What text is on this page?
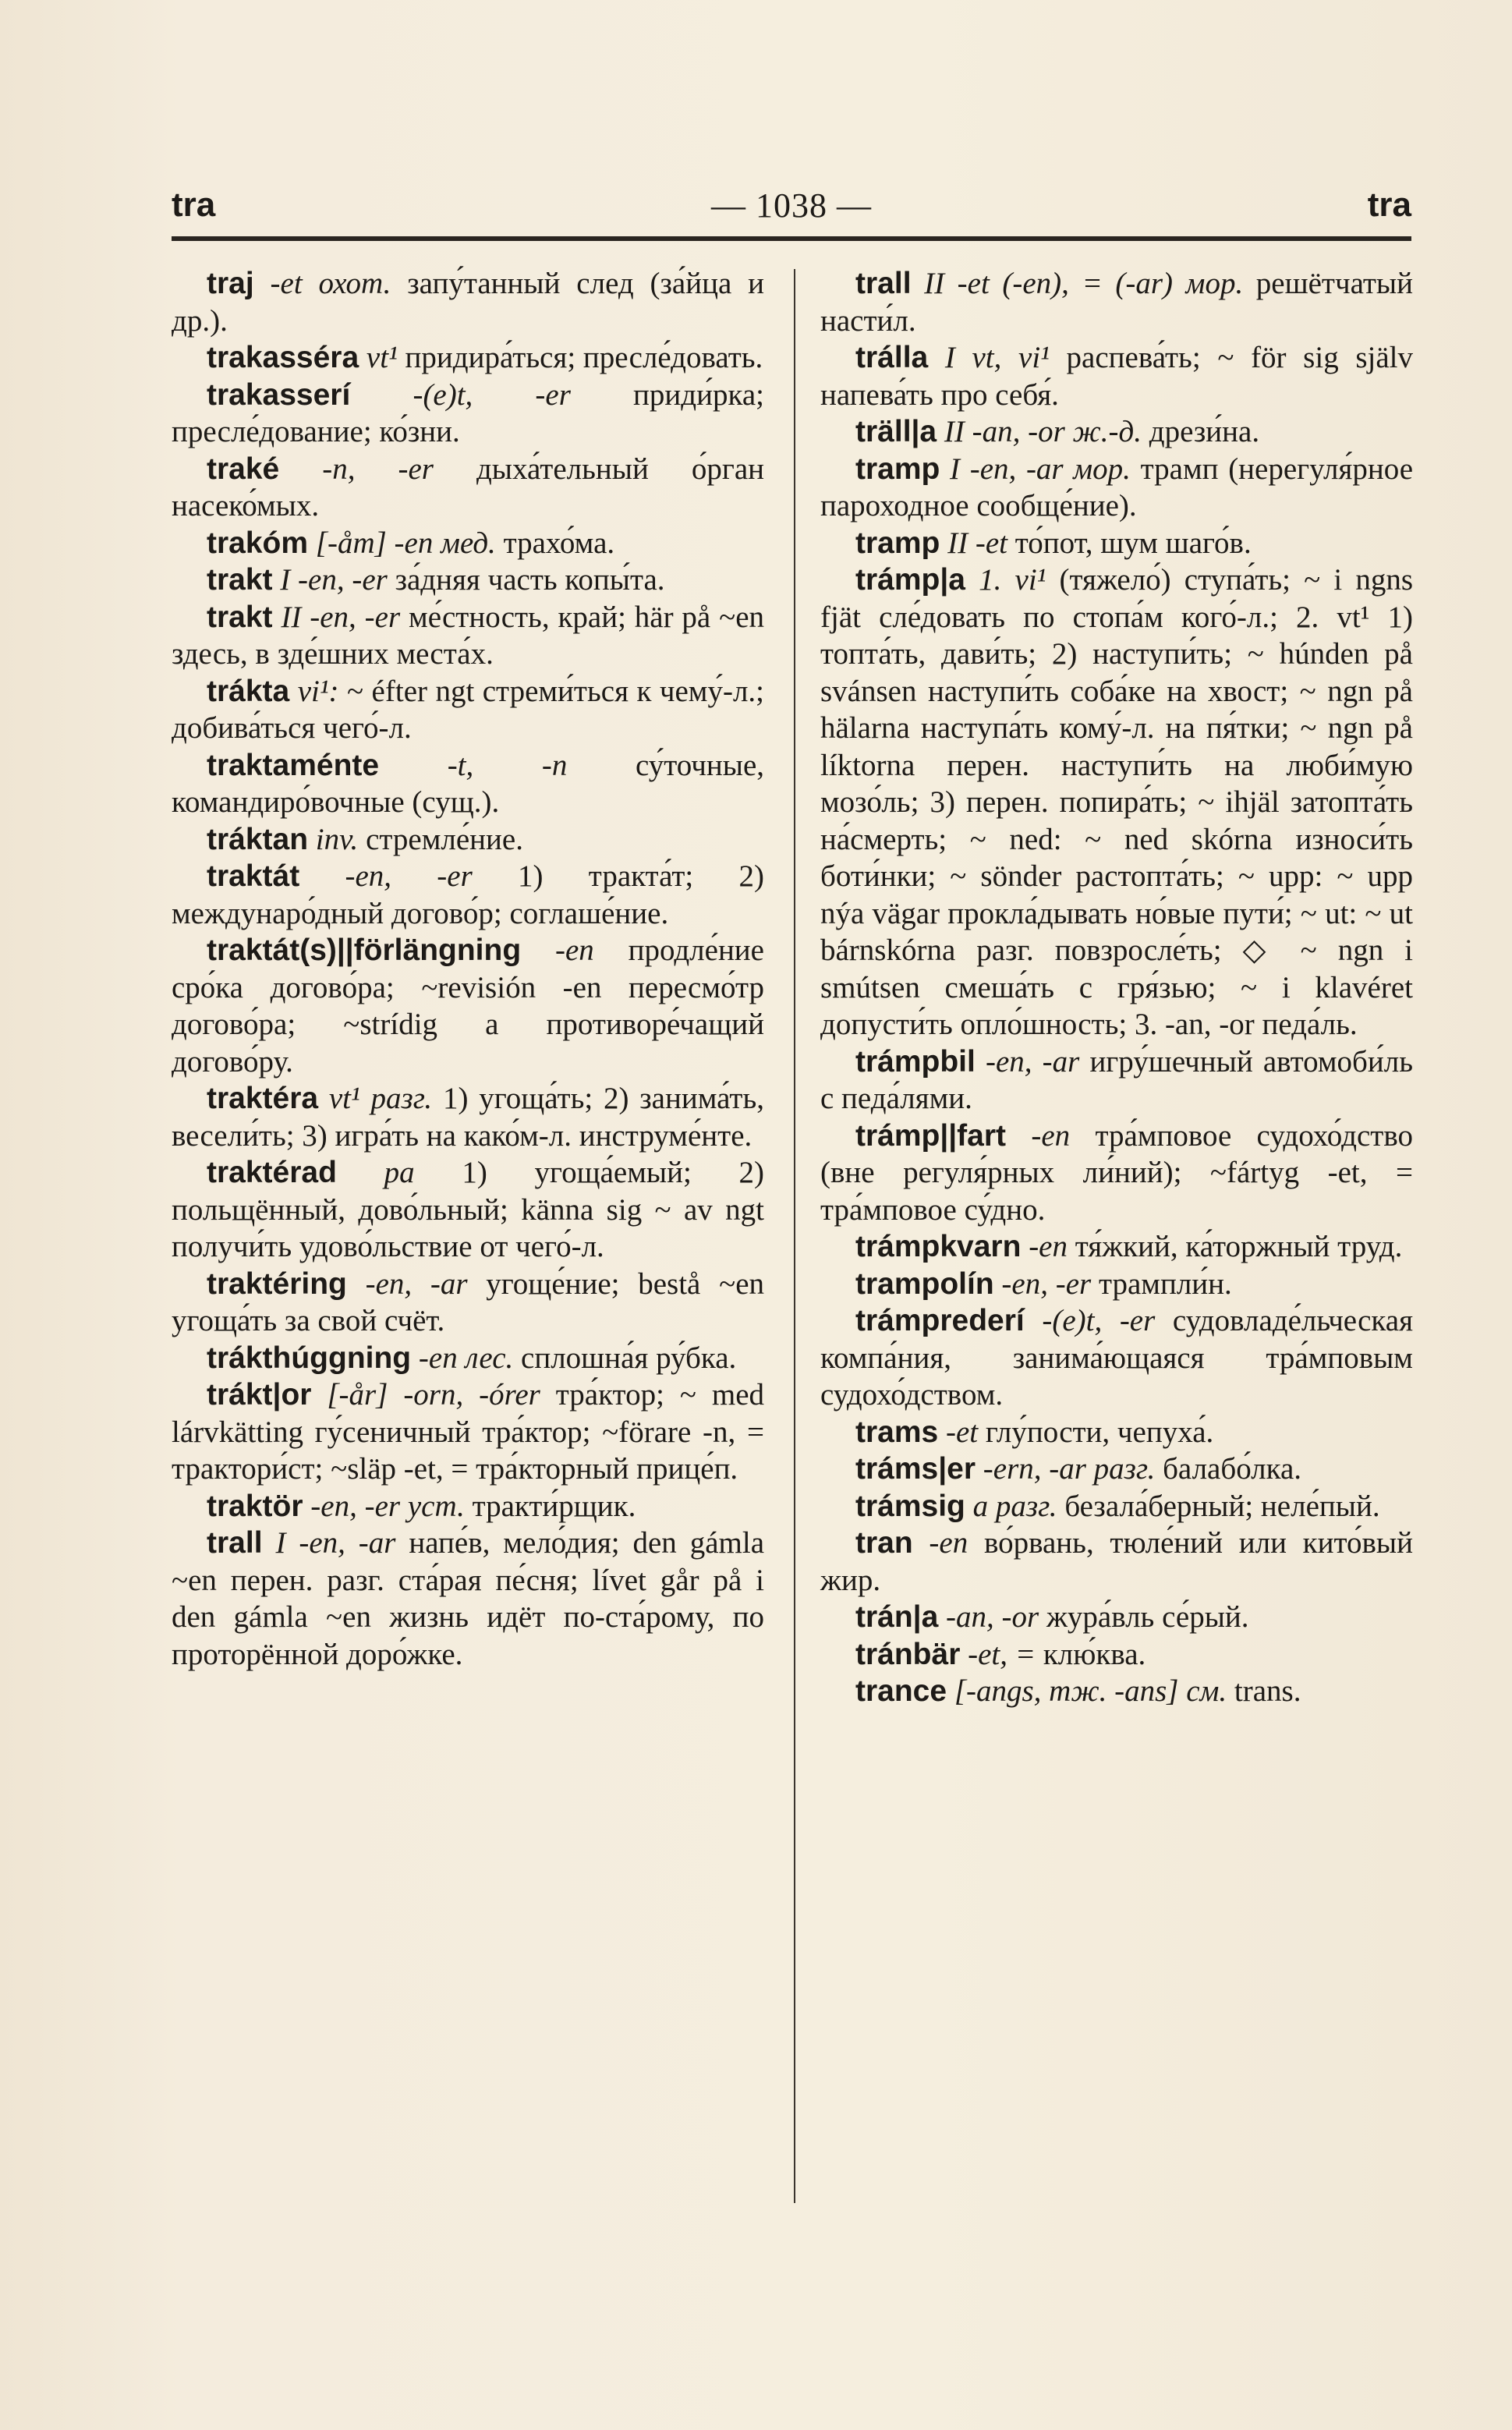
tra	— 1038 —	tra

traj -et охот. запу́танный след (за́йца и др.).

trakasséra vt¹ придира́ться; пресле́довать.

trakasserí -(e)t, -er приди́рка; пресле́дование; ко́зни.

traké -n, -er дыха́тельный о́рган насеко́мых.

trakóm [-åm] -en мед. трахо́ма.

trakt I -en, -er за́дняя часть копы́та.

trakt II -en, -er ме́стность, край; här på ~en здесь, в зде́шних места́х.

trákta vi¹: ~ éfter ngt стреми́ться к чему́-л.; добива́ться чего́-л.

traktaménte -t, -n су́точные, командиро́вочные (сущ.).

tráktan inv. стремле́ние.

traktát -en, -er 1) тракта́т; 2) междунаро́дный догово́р; соглаше́ние.

traktát(s)||förlängning -en продле́ние сро́ка догово́ра; ~revisión -en пересмо́тр догово́ра; ~strídig a противоре́чащий догово́ру.

traktéra vt¹ разг. 1) угоща́ть; 2) занима́ть, весели́ть; 3) игра́ть на како́м-л. инструме́нте.

traktérad pa 1) угоща́емый; 2) польщённый, дово́льный; känna sig ~ av ngt получи́ть удово́льствие от чего́-л.

traktéring -en, -ar угоще́ние; bestå ~en угоща́ть за свой счёт.

trákthúggning -en лес. сплошна́я ру́бка.

trákt|or [-år] -orn, -órer тра́ктор; ~ med lárvkätting гу́сеничный тра́ктор; ~förare -n, = трактори́ст; ~släp -et, = тра́кторный прице́п.

traktör -en, -er уст. тракти́рщик.

trall I -en, -ar напе́в, мело́дия; den gámla ~en перен. разг. ста́рая пе́сня; lívet går på i den gámla ~en жизнь идёт по-ста́рому, по проторённой доро́жке.

trall II -et (-en), = (-ar) мор. решётчатый насти́л.

trálla I vt, vi¹ распева́ть; ~ för sig själv напева́ть про себя́.

träll|a II -an, -or ж.-д. дрези́на.

tramp I -en, -ar мор. трамп (нерегуля́рное пароходное сообще́ние).

tramp II -et то́пот, шум шаго́в.

trámp|a 1. vi¹ (тяжело́) ступа́ть; ~ i ngns fjät сле́довать по стопа́м кого́-л.; 2. vt¹ 1) топта́ть, дави́ть; 2) наступи́ть; ~ húnden på svánsen наступи́ть соба́ке на хвост; ~ ngn på hälarna наступа́ть кому́-л. на пя́тки; ~ ngn på líktorna перен. наступи́ть на люби́мую мозо́ль; 3) перен. попира́ть; ~ ihjäl затопта́ть на́смерть; ~ ned: ~ ned skórna износи́ть боти́нки; ~ sönder растопта́ть; ~ upp: ~ upp nýa vägar прокла́дывать но́вые пути́; ~ ut: ~ ut bárnskórna разг. повзросле́ть; ◇ ~ ngn i smútsen смеша́ть с гря́зью; ~ i klavéret допусти́ть опло́шность; 3. -an, -or педа́ль.

trámpbil -en, -ar игру́шечный автомоби́ль с педа́лями.

trámp||fart -en тра́мповое судохо́дство (вне регуля́рных ли́ний); ~fártyg -et, = тра́мповое су́дно.

trámpkvarn -en тя́жкий, ка́торжный труд.

trampolín -en, -er трампли́н.

trámprederí -(e)t, -er судовладе́льческая компа́ния, занима́ющаяся тра́мповым судохо́дством.

trams -et глу́пости, чепуха́.

tráms|er -ern, -ar разг. балабо́лка.

trámsig a разг. безала́берный; неле́пый.

tran -en во́рвань, тюле́ний или кито́вый жир.

trán|a -an, -or жура́вль се́рый.

tránbär -et, = клю́ква.

trance [-angs, тж. -ans] см. trans.
